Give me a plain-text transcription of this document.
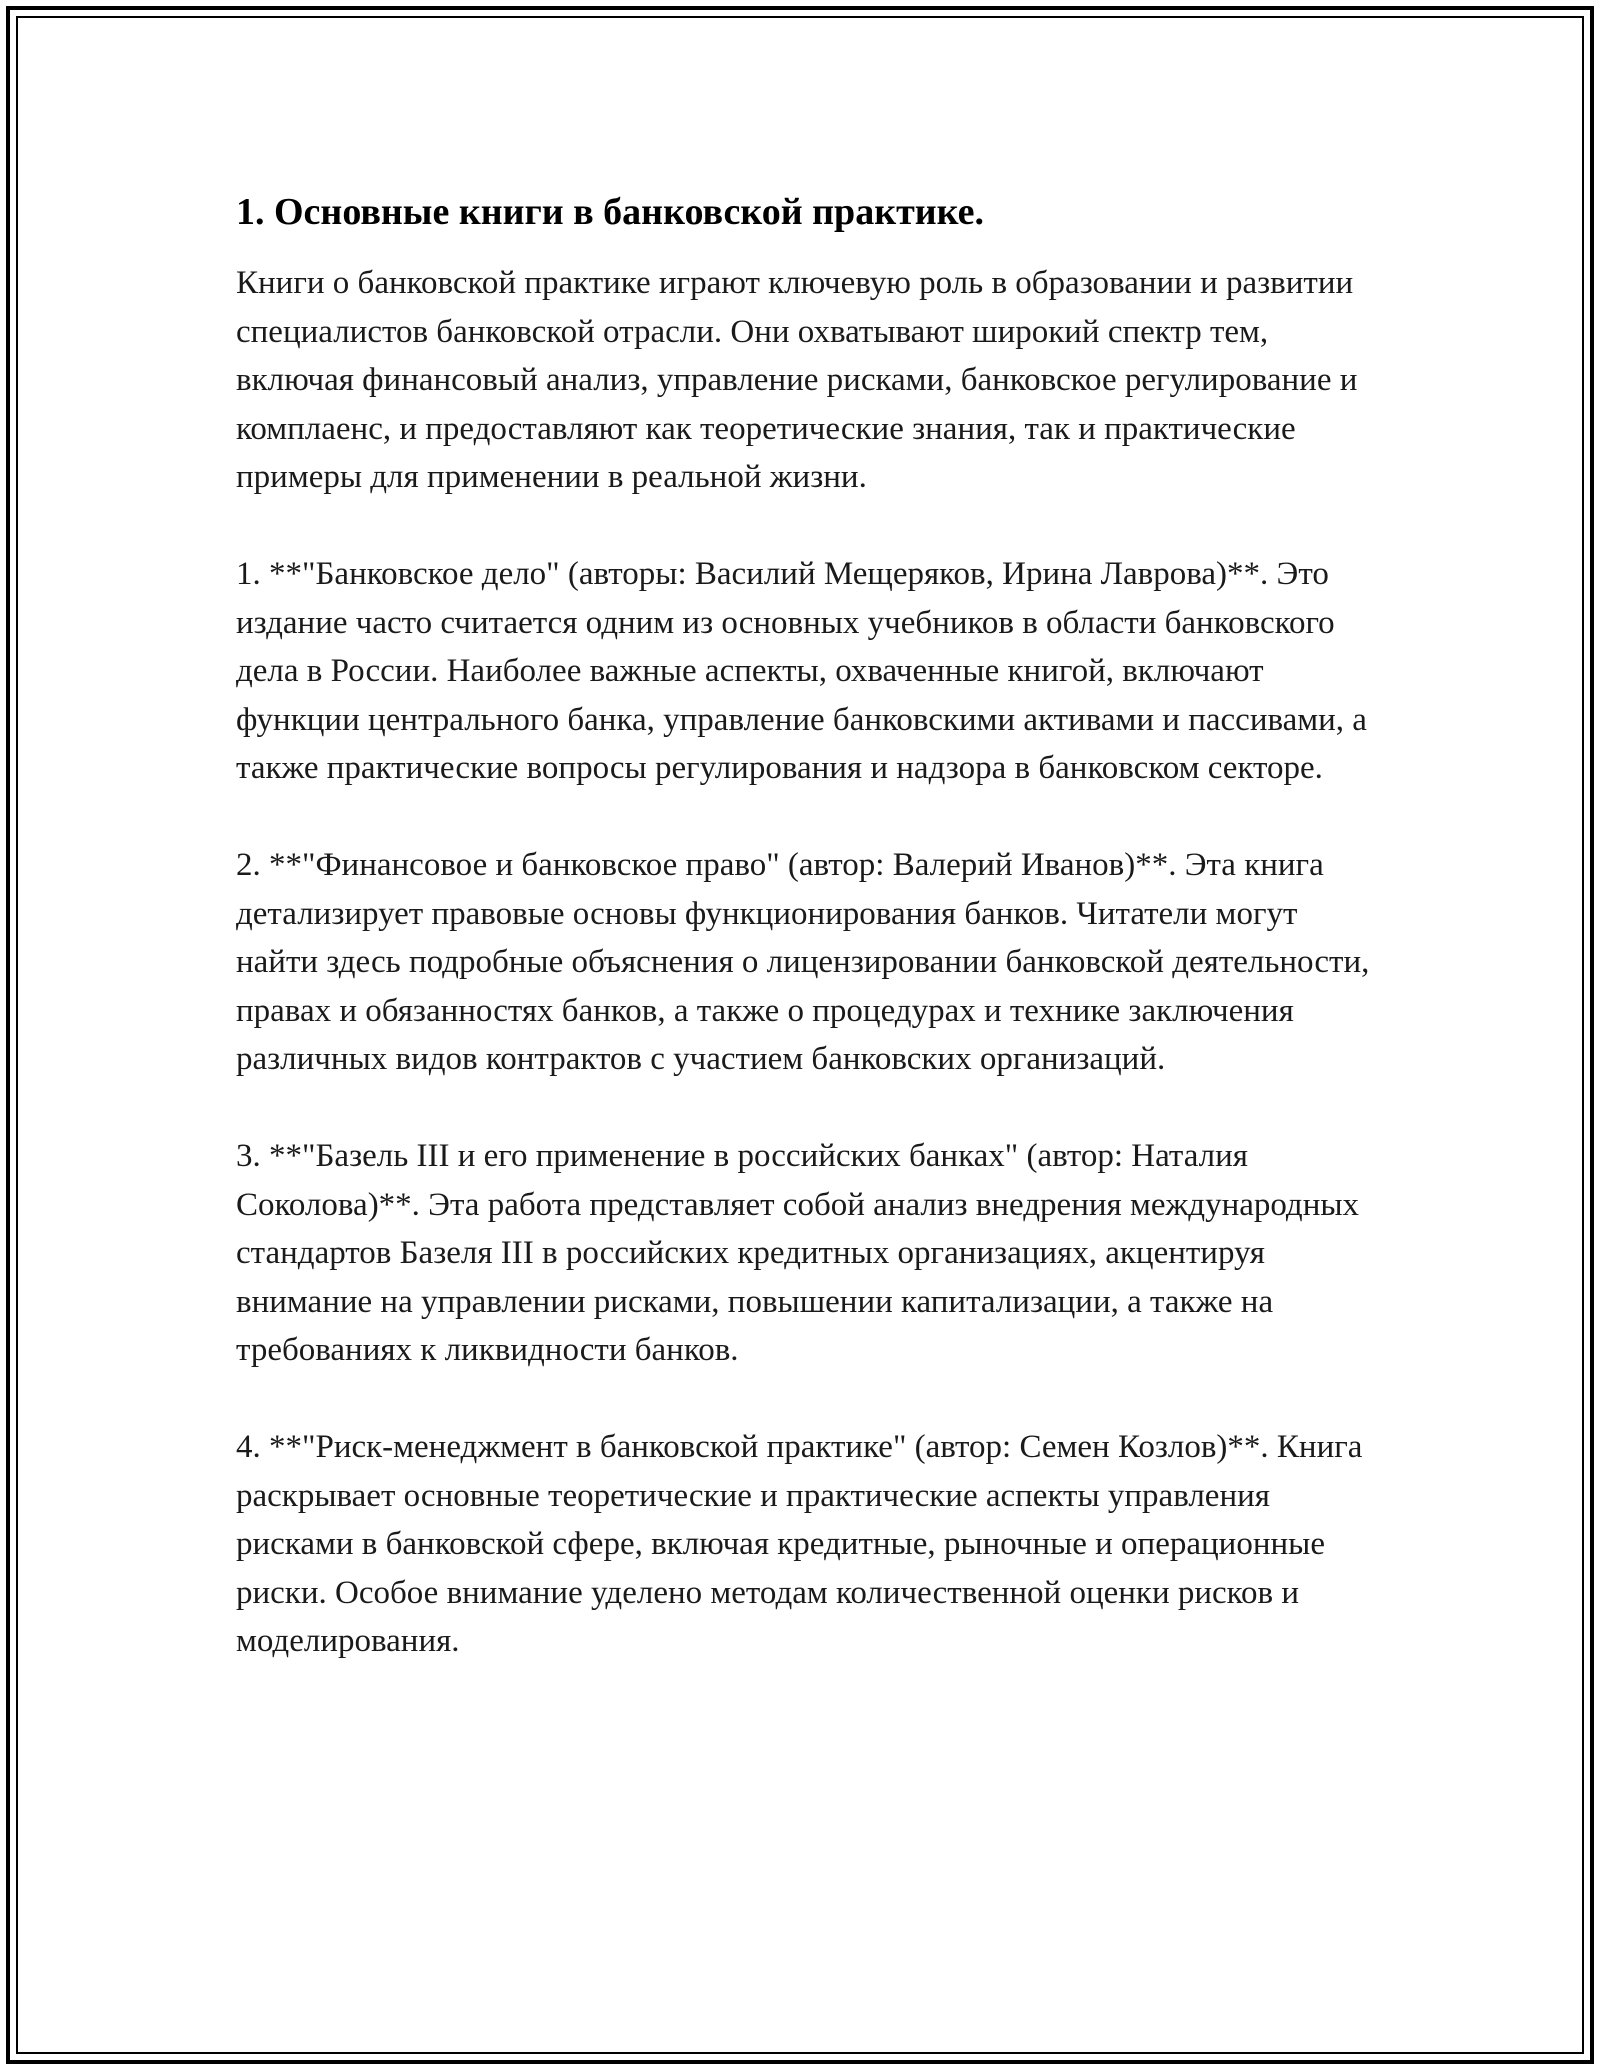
1. Основные книги в банковской практике.

Книги о банковской практике играют ключевую роль в образовании и развитии специалистов банковской отрасли. Они охватывают широкий спектр тем, включая финансовый анализ, управление рисками, банковское регулирование и комплаенс, и предоставляют как теоретические знания, так и практические примеры для применении в реальной жизни.

1. **"Банковское дело" (авторы: Василий Мещеряков, Ирина Лаврова)**. Это издание часто считается одним из основных учебников в области банковского дела в России. Наиболее важные аспекты, охваченные книгой, включают функции центрального банка, управление банковскими активами и пассивами, а также практические вопросы регулирования и надзора в банковском секторе.

2. **"Финансовое и банковское право" (автор: Валерий Иванов)**. Эта книга детализирует правовые основы функционирования банков. Читатели могут найти здесь подробные объяснения о лицензировании банковской деятельности, правах и обязанностях банков, а также о процедурах и технике заключения различных видов контрактов с участием банковских организаций.

3. **"Базель III и его применение в российских банках" (автор: Наталия Соколова)**. Эта работа представляет собой анализ внедрения международных стандартов Базеля III в российских кредитных организациях, акцентируя внимание на управлении рисками, повышении капитализации, а также на требованиях к ликвидности банков.

4. **"Риск-менеджмент в банковской практике" (автор: Семен Козлов)**. Книга раскрывает основные теоретические и практические аспекты управления рисками в банковской сфере, включая кредитные, рыночные и операционные риски. Особое внимание уделено методам количественной оценки рисков и моделирования.
